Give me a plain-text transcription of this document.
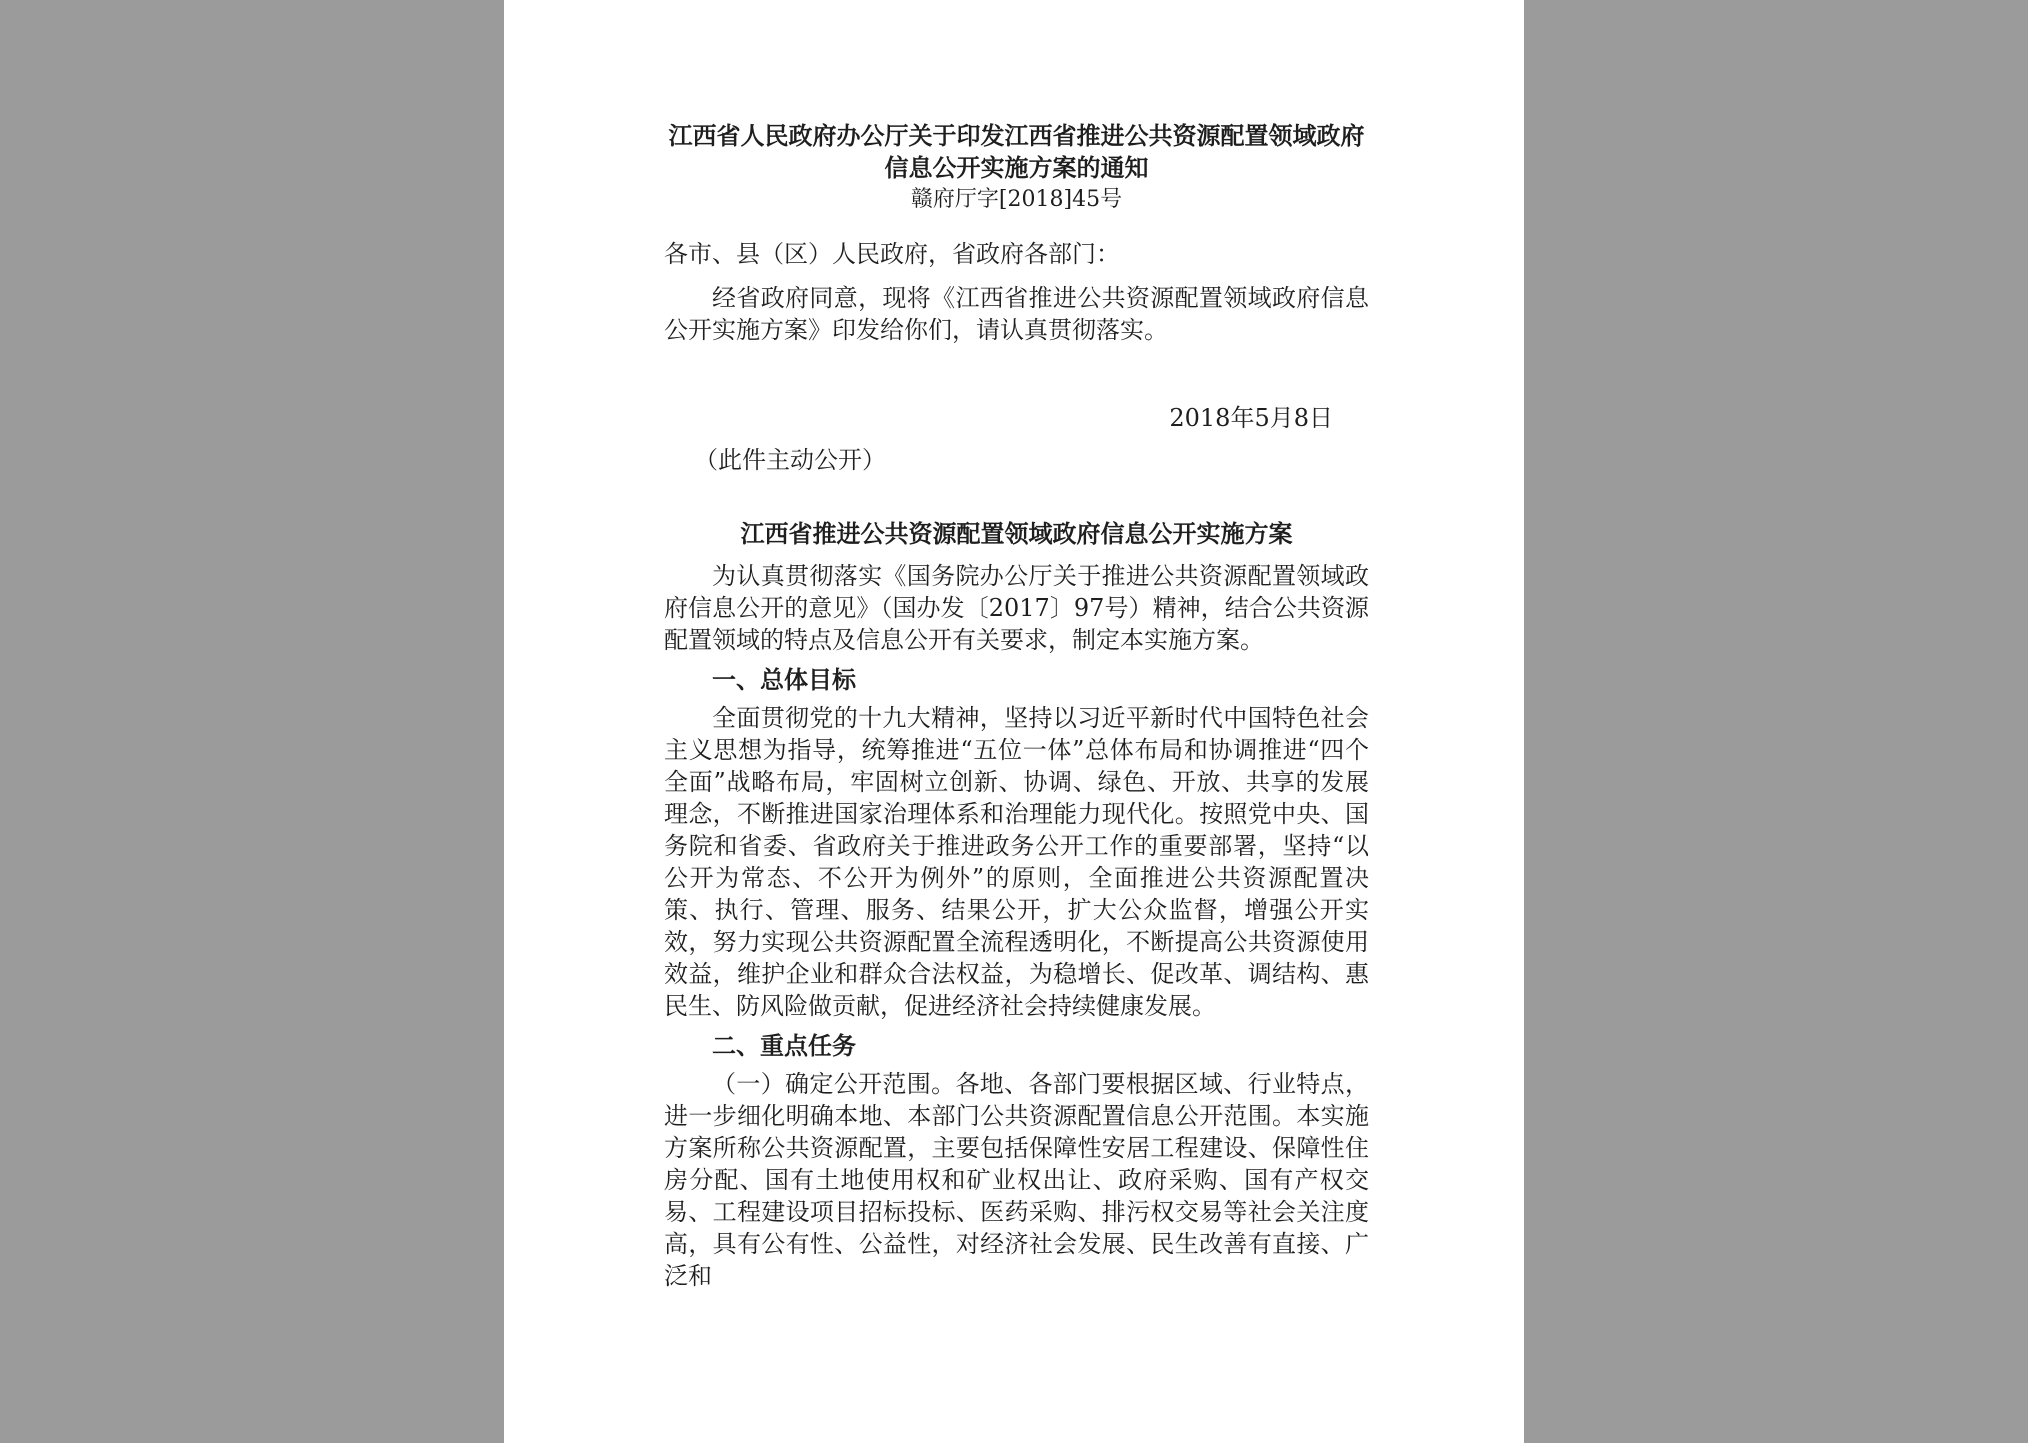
江西省人民政府办公厅关于印发江西省推进公共资源配置领域政府
信息公开实施方案的通知
赣府厅字[2018]45号

各市、县（区）人民政府，省政府各部门：

经省政府同意，现将《江西省推进公共资源配置领域政府信息公开实施方案》印发给你们，请认真贯彻落实。

2018年5月8日

（此件主动公开）

江西省推进公共资源配置领域政府信息公开实施方案

为认真贯彻落实《国务院办公厅关于推进公共资源配置领域政府信息公开的意见》（国办发〔2017〕97号）精神，结合公共资源配置领域的特点及信息公开有关要求，制定本实施方案。

一、总体目标

全面贯彻党的十九大精神，坚持以习近平新时代中国特色社会主义思想为指导，统筹推进“五位一体”总体布局和协调推进“四个全面”战略布局，牢固树立创新、协调、绿色、开放、共享的发展理念，不断推进国家治理体系和治理能力现代化。按照党中央、国务院和省委、省政府关于推进政务公开工作的重要部署，坚持“以公开为常态、不公开为例外”的原则，全面推进公共资源配置决策、执行、管理、服务、结果公开，扩大公众监督，增强公开实效，努力实现公共资源配置全流程透明化，不断提高公共资源使用效益，维护企业和群众合法权益，为稳增长、促改革、调结构、惠民生、防风险做贡献，促进经济社会持续健康发展。

二、重点任务

（一）确定公开范围。各地、各部门要根据区域、行业特点，进一步细化明确本地、本部门公共资源配置信息公开范围。本实施方案所称公共资源配置，主要包括保障性安居工程建设、保障性住房分配、国有土地使用权和矿业权出让、政府采购、国有产权交易、工程建设项目招标投标、医药采购、排污权交易等社会关注度高，具有公有性、公益性，对经济社会发展、民生改善有直接、广泛和
